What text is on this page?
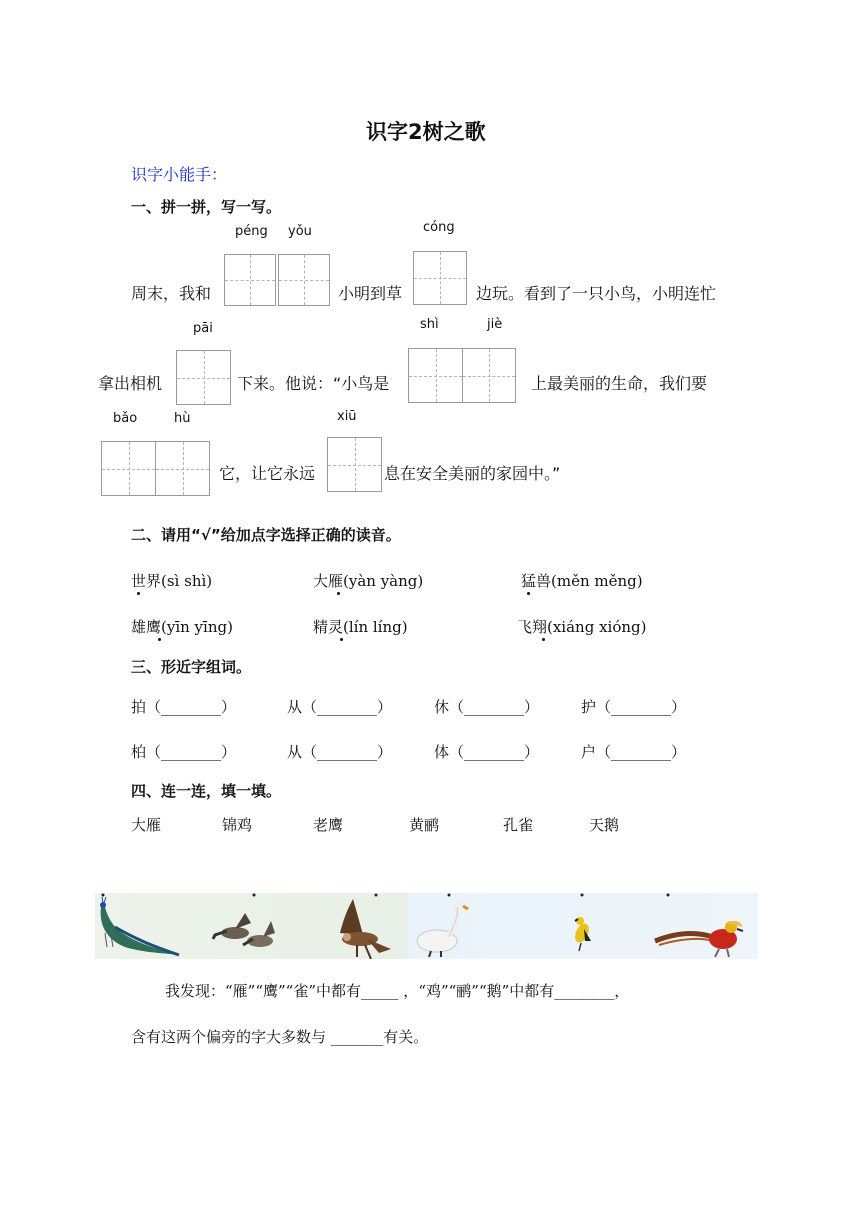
识字2树之歌
识字小能手：
一、拼一拼，写一写。
péng yǒu	cóng
周末，我和	小明到草	边玩。看到了一只小鸟，小明连忙
pāi	shì	jiè
拿出相机	下来。他说：“小鸟是	上最美丽的生命，我们要
bǎo	hù	xiū
它，让它永远	息在安全美丽的家园中。”
二、请用“√”给加点字选择正确的读音。
世界(sì shì)	大雁(yàn yàng)	猛兽(měn měng)
雄鹰(yīn yīng)	精灵(lín líng)	飞翔(xiáng xióng)
三、形近字组词。
拍（________）	从（________）	休（________）	护（________）
柏（________）	从（________）	体（________）	户（________）
四、连一连，填一填。
大雁	锦鸡	老鹰	黄鹂	孔雀	天鹅
我发现：“雁”“鹰”“雀”中都有_____ ，“鸡”“鹂”“鹅”中都有________，
含有这两个偏旁的字大多数与 _______有关。
